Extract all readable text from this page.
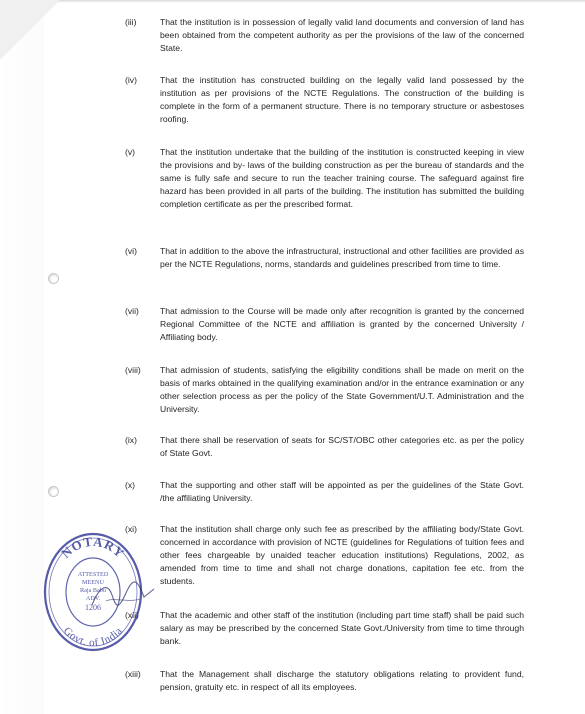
(iii)	That the institution is in possession of legally valid land documents and conversion of land has been obtained from the competent authority as per the provisions of the law of the concerned State.
(iv)	That the institution has constructed building on the legally valid land possessed by the institution as per provisions of the NCTE Regulations. The construction of the building is complete in the form of a permanent structure. There is no temporary structure or asbestoses roofing.
(v)	That the institution undertake that the building of the institution is constructed keeping in view the provisions and by- laws of the building construction as per the bureau of standards and the same is fully safe and secure to run the teacher training course. The safeguard against fire hazard has been provided in all parts of the building. The institution has submitted the building completion certificate as per the prescribed format.
(vi)	That in addition to the above the infrastructural, instructional and other facilities are provided as per the NCTE Regulations, norms, standards and guidelines prescribed from time to time.
(vii) That admission to the Course will be made only after recognition is granted by the concerned Regional Committee of the NCTE and affiliation is granted by the concerned University / Affiliating body.
(viii) That admission of students, satisfying the eligibility conditions shall be made on merit on the basis of marks obtained in the qualifying examination and/or in the entrance examination or any other selection process as per the policy of the State Government/U.T. Administration and the University.
(ix)	That there shall be reservation of seats for SC/ST/OBC other categories etc. as per the policy of State Govt.
(x)	That the supporting and other staff will be appointed as per the guidelines of the State Govt. /the affiliating University.
(xi)	That the institution shall charge only such fee as prescribed by the affiliating body/State Govt. concerned in accordance with provision of NCTE (guidelines for Regulations of tuition fees and other fees chargeable by unaided teacher education institutions) Regulations, 2002, as amended from time to time and shall not charge donations, capitation fee etc. from the students.
(xii) That the academic and other staff of the institution (including part time staff) shall be paid such salary as may be prescribed by the concerned State Govt./University from time to time through bank.
(xiii) That the Management shall discharge the statutory obligations relating to provident fund, pension, gratuity etc. in respect of all its employees.
NOTARY
Govt. of India
ATTESTED
MEENU
Raja Babu
ADV.
1206
